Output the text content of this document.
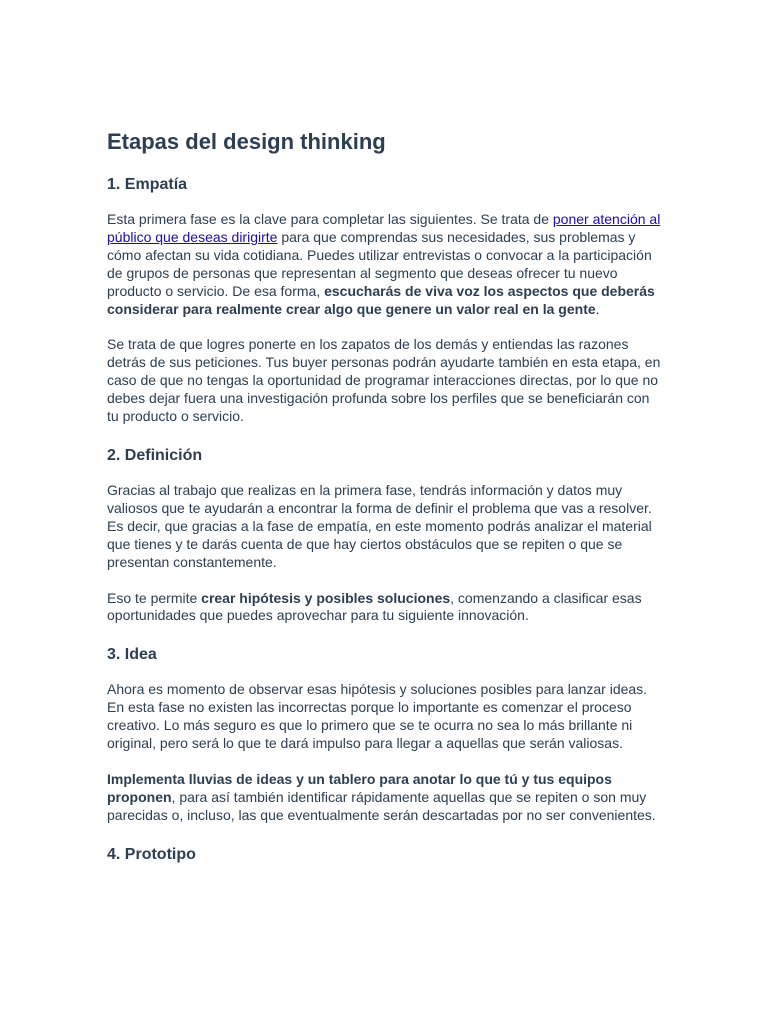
Etapas del design thinking
1. Empatía

Esta primera fase es la clave para completar las siguientes. Se trata de poner atención al público que deseas dirigirte para que comprendas sus necesidades, sus problemas y cómo afectan su vida cotidiana. Puedes utilizar entrevistas o convocar a la participación de grupos de personas que representan al segmento que deseas ofrecer tu nuevo producto o servicio. De esa forma, escucharás de viva voz los aspectos que deberás considerar para realmente crear algo que genere un valor real en la gente.

Se trata de que logres ponerte en los zapatos de los demás y entiendas las razones detrás de sus peticiones. Tus buyer personas podrán ayudarte también en esta etapa, en caso de que no tengas la oportunidad de programar interacciones directas, por lo que no debes dejar fuera una investigación profunda sobre los perfiles que se beneficiarán con tu producto o servicio.

2. Definición

Gracias al trabajo que realizas en la primera fase, tendrás información y datos muy valiosos que te ayudarán a encontrar la forma de definir el problema que vas a resolver. Es decir, que gracias a la fase de empatía, en este momento podrás analizar el material que tienes y te darás cuenta de que hay ciertos obstáculos que se repiten o que se presentan constantemente.

Eso te permite crear hipótesis y posibles soluciones, comenzando a clasificar esas oportunidades que puedes aprovechar para tu siguiente innovación.

3. Idea

Ahora es momento de observar esas hipótesis y soluciones posibles para lanzar ideas. En esta fase no existen las incorrectas porque lo importante es comenzar el proceso creativo. Lo más seguro es que lo primero que se te ocurra no sea lo más brillante ni original, pero será lo que te dará impulso para llegar a aquellas que serán valiosas.

Implementa lluvias de ideas y un tablero para anotar lo que tú y tus equipos proponen, para así también identificar rápidamente aquellas que se repiten o son muy parecidas o, incluso, las que eventualmente serán descartadas por no ser convenientes.

4. Prototipo
